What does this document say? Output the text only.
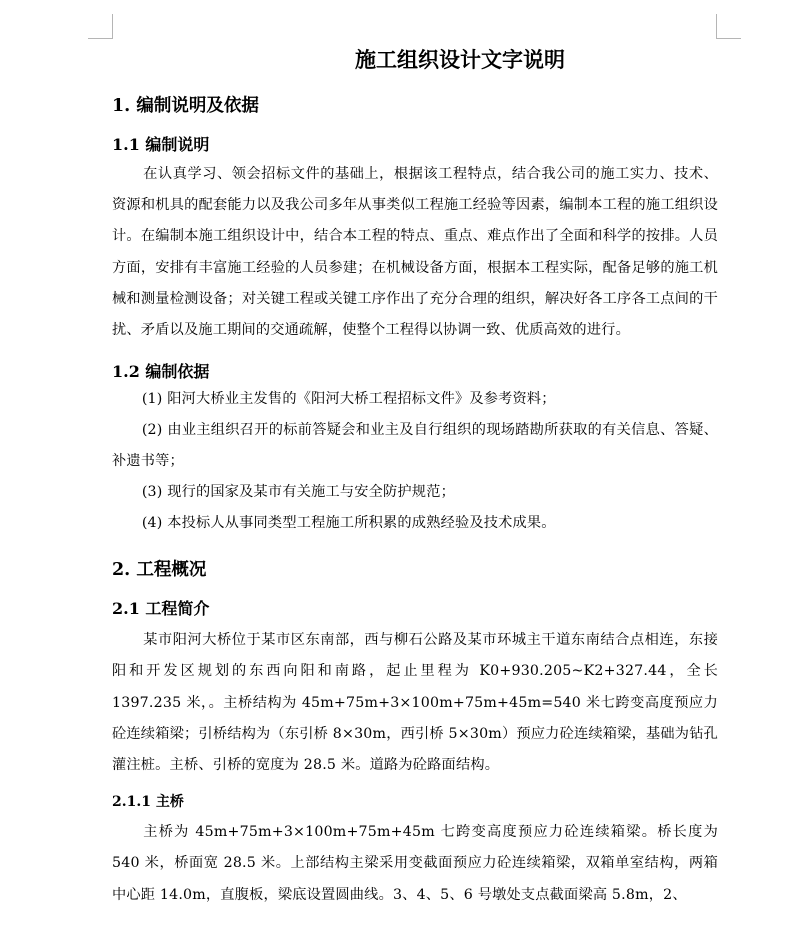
施工组织设计文字说明
1. 编制说明及依据
1.1 编制说明

在认真学习、领会招标文件的基础上，根据该工程特点，结合我公司的施工实力、技术、资源和机具的配套能力以及我公司多年从事类似工程施工经验等因素，编制本工程的施工组织设计。在编制本施工组织设计中，结合本工程的特点、重点、难点作出了全面和科学的按排。人员方面，安排有丰富施工经验的人员参建；在机械设备方面，根据本工程实际，配备足够的施工机械和测量检测设备；对关键工程或关键工序作出了充分合理的组织，解决好各工序各工点间的干扰、矛盾以及施工期间的交通疏解，使整个工程得以协调一致、优质高效的进行。

1.2 编制依据

(1) 阳河大桥业主发售的《阳河大桥工程招标文件》及参考资料；

(2) 由业主组织召开的标前答疑会和业主及自行组织的现场踏勘所获取的有关信息、答疑、补遗书等；

(3) 现行的国家及某市有关施工与安全防护规范；

(4) 本投标人从事同类型工程施工所积累的成熟经验及技术成果。

2. 工程概况
2.1 工程简介

某市阳河大桥位于某市区东南部，西与柳石公路及某市环城主干道东南结合点相连，东接阳和开发区规划的东西向阳和南路，起止里程为 K0+930.205~K2+327.44，全长 1397.235 米，。主桥结构为 45m+75m+3×100m+75m+45m=540 米七跨变高度预应力砼连续箱梁；引桥结构为（东引桥 8×30m，西引桥 5×30m）预应力砼连续箱梁，基础为钻孔灌注桩。主桥、引桥的宽度为 28.5 米。道路为砼路面结构。

2.1.1 主桥

主桥为 45m+75m+3×100m+75m+45m 七跨变高度预应力砼连续箱梁。桥长度为 540 米，桥面宽 28.5 米。上部结构主梁采用变截面预应力砼连续箱梁，双箱单室结构，两箱中心距 14.0m，直腹板，梁底设置圆曲线。3、4、5、6 号墩处支点截面梁高 5.8m，2、
